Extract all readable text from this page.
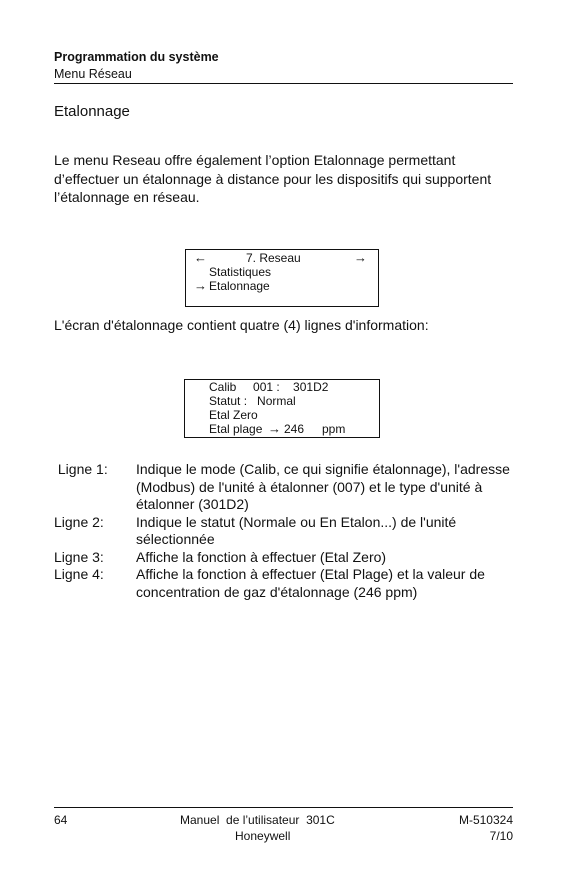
Programmation du système
Menu Réseau
Etalonnage
Le menu Reseau offre également l’option Etalonnage permettant d’effectuer un étalonnage à distance pour les dispositifs qui supportent l’étalonnage en réseau.
←	7. Reseau	→
Statistiques
→ Etalonnage
L'écran d'étalonnage contient quatre (4) lignes d'information:
Calib     001 :    301D2
Statut :   Normal
Etal Zero
Etal plage → 246 ppm
Ligne 1:	Indique le mode (Calib, ce qui signifie étalonnage), l'adresse (Modbus) de l'unité à étalonner (007) et le type d'unité à étalonner (301D2)
Ligne 2:	Indique le statut (Normale ou En Etalon...) de l'unité sélectionnée
Ligne 3:	Affiche la fonction à effectuer (Etal Zero)
Ligne 4:	Affiche la fonction à effectuer (Etal Plage) et la valeur de concentration de gaz d'étalonnage (246 ppm)
64	Manuel  de l’utilisateur  301C
Honeywell
M-510324
7/10
